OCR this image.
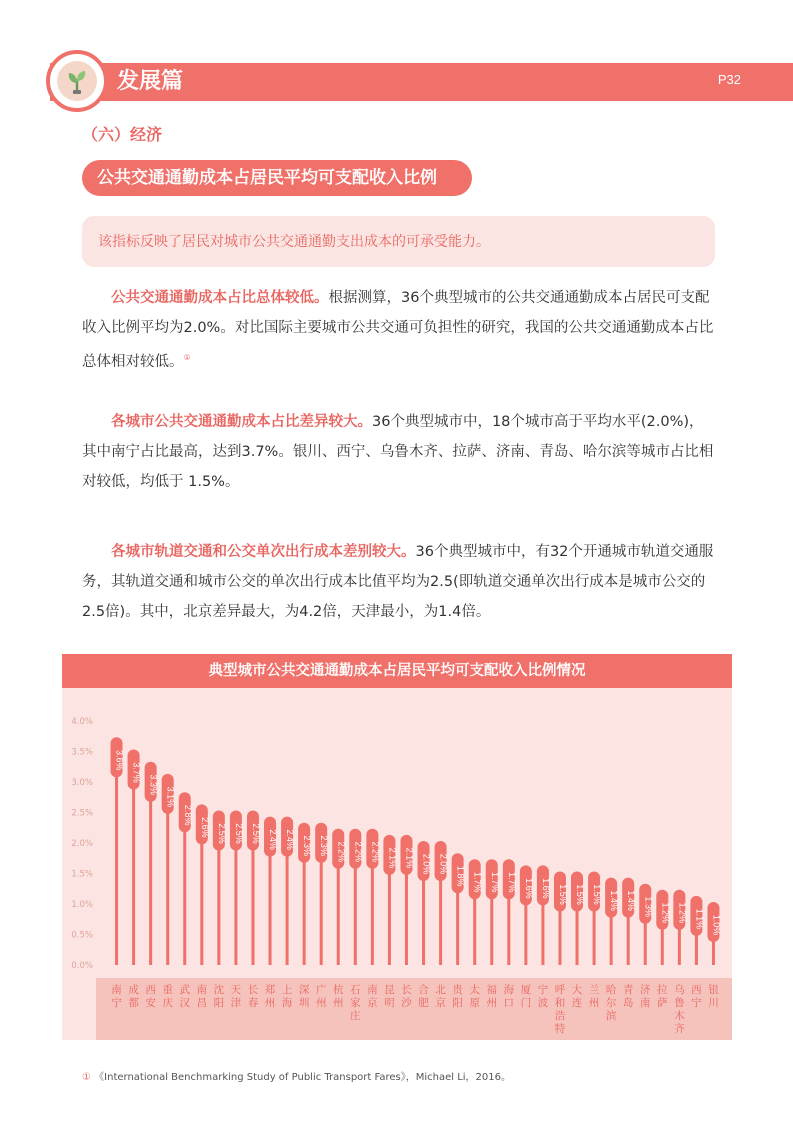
发展篇	P32
（六）经济
公共交通通勤成本占居民平均可支配收入比例
该指标反映了居民对城市公共交通通勤支出成本的可承受能力。
公共交通通勤成本占比总体较低。根据测算，36个典型城市的公共交通通勤成本占居民可支配收入比例平均为2.0%。对比国际主要城市公共交通可负担性的研究，我国的公共交通通勤成本占比总体相对较低。①
各城市公共交通通勤成本占比差异较大。36个典型城市中，18个城市高于平均水平(2.0%)，其中南宁占比最高，达到3.7%。银川、西宁、乌鲁木齐、拉萨、济南、青岛、哈尔滨等城市占比相对较低，均低于 1.5%。
各城市轨道交通和公交单次出行成本差别较大。36个典型城市中，有32个开通城市轨道交通服务，其轨道交通和城市公交的单次出行成本比值平均为2.5(即轨道交通单次出行成本是城市公交的2.5倍)。其中，北京差异最大，为4.2倍，天津最小，为1.4倍。
典型城市公共交通通勤成本占居民平均可支配收入比例情况
0.0%
0.5%
1.0%
1.5%
2.0%
2.5%
3.0%
3.5%
4.0%
3.6%
南
宁
3.7%
成
都
3.3%
西
安
3.1%
重
庆
2.8%
武
汉
2.6%
南
昌
2.5%
沈
阳
2.5%
天
津
2.5%
长
春
2.4%
郑
州
2.4%
上
海
2.3%
深
圳
2.3%
广
州
2.2%
杭
州
2.2%
石
家
庄
2.2%
南
京
2.1%
昆
明
2.1%
长
沙
2.0%
合
肥
2.0%
北
京
1.8%
贵
阳
1.7%
太
原
1.7%
福
州
1.7%
海
口
1.6%
厦
门
1.6%
宁
波
1.5%
呼
和
浩
特
1.5%
大
连
1.5%
兰
州
1.4%
哈
尔
滨
1.4%
青
岛
1.3%
济
南
1.2%
拉
萨
1.2%
乌
鲁
木
齐
1.1%
西
宁
1.0%
银
川
① 《International Benchmarking Study of Public Transport Fares》，Michael Li，2016。
